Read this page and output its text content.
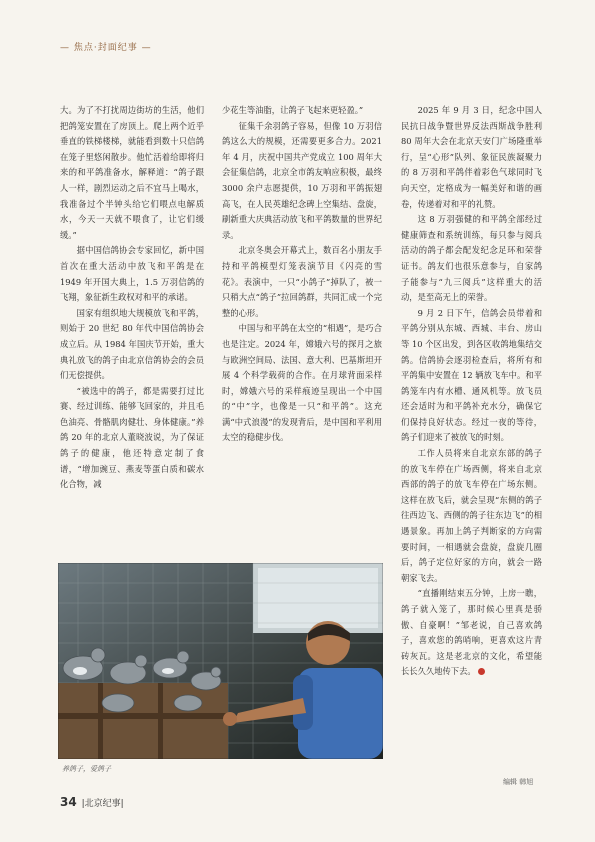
— 焦点·封面纪事 —

大。为了不打扰周边街坊的生活，他们把鸽笼安置在了房顶上。爬上两个近乎垂直的铁梯楼梯，就能看到数十只信鸽在笼子里悠闲散步。他忙活着给即将归来的和平鸽准备水，解释道：“鸽子跟人一样，剧烈运动之后不宜马上喝水，我准备过个半钟头给它们喂点电解质水，今天一天就不喂食了，让它们缓缓。”

据中国信鸽协会专家回忆，新中国首次在重大活动中放飞和平鸽是在 1949 年开国大典上，1.5 万羽信鸽的飞翔，象征新生政权对和平的承诺。

国家有组织地大规模放飞和平鸽，则始于 20 世纪 80 年代中国信鸽协会成立后。从 1984 年国庆节开始，重大典礼放飞的鸽子由北京信鸽协会的会员们无偿提供。

“被选中的鸽子，都是需要打过比赛、经过训练、能够飞回家的，并且毛色油亮、骨骼肌肉健壮、身体健康。”养鸽 20 年的北京人董晓波说，为了保证鸽子的健康，他还特意定制了食谱，“增加豌豆、燕麦等蛋白质和碳水化合物，减

少花生等油脂，让鸽子飞起来更轻盈。”

征集千余羽鸽子容易，但像 10 万羽信鸽这么大的规模，还需要更多合力。2021 年 4 月，庆祝中国共产党成立 100 周年大会征集信鸽，北京全市鸽友响应积极，最终 3000 余户志愿提供，10 万羽和平鸽振翅高飞，在人民英雄纪念碑上空集结、盘旋，刷新重大庆典活动放飞和平鸽数量的世界纪录。

北京冬奥会开幕式上，数百名小朋友手持和平鸽模型灯笼表演节目《闪亮的雪花》。表演中，一只“小鸽子”掉队了，被一只稍大点“鸽子”拉回鸽群，共同汇成一个完整的心形。

中国与和平鸽在太空的“相遇”，是巧合也是注定。2024 年，嫦娥六号的探月之旅与欧洲空间局、法国、意大利、巴基斯坦开展 4 个科学载荷的合作。在月球背面采样时，嫦娥六号的采样痕迹呈现出一个中国的“中”字，也像是一只“和平鸽”。这充满“中式浪漫”的发现背后，是中国和平利用太空的稳健步伐。

2025 年 9 月 3 日，纪念中国人民抗日战争暨世界反法西斯战争胜利 80 周年大会在北京天安门广场隆重举行，呈“心形”队列、象征民族凝聚力的 8 万羽和平鸽伴着彩色气球同时飞向天空，定格成为一幅美好和谐的画卷，传递着对和平的礼赞。

这 8 万羽强健的和平鸽全部经过健康筛查和系统训练，每只参与阅兵活动的鸽子都会配发纪念足环和荣誉证书。鸽友们也很乐意参与，自家鸽子能参与“九三阅兵”这样重大的活动，是至高无上的荣誉。

9 月 2 日下午，信鸽会员带着和平鸽分别从东城、西城、丰台、房山等 10 个区出发，到各区收鸽地集结交鸽。信鸽协会逐羽检查后，将所有和平鸽集中安置在 12 辆放飞车中。和平鸽笼车内有水槽、通风机等。放飞员还会适时为和平鸽补充水分，确保它们保持良好状态。经过一夜的等待，鸽子们迎来了被放飞的时刻。

工作人员将来自北京东部的鸽子的放飞车停在广场西侧，将来自北京西部的鸽子的放飞车停在广场东侧。这样在放飞后，就会呈现“东侧的鸽子往西边飞、西侧的鸽子往东边飞”的相遇景象。再加上鸽子判断家的方向需要时间，一相遇就会盘旋，盘旋几圈后，鸽子定位好家的方向，就会一路朝家飞去。

“直播刚结束五分钟，上房一瞧，鸽子就入笼了，那时候心里真是骄傲、自豪啊！”邹老说，自己喜欢鸽子，喜欢您的鸽哨响，更喜欢这片青砖灰瓦。这是老北京的文化，希望能长长久久地传下去。

养鸽子，爱鸽子
编辑 韩旭
34 |北京纪事|
